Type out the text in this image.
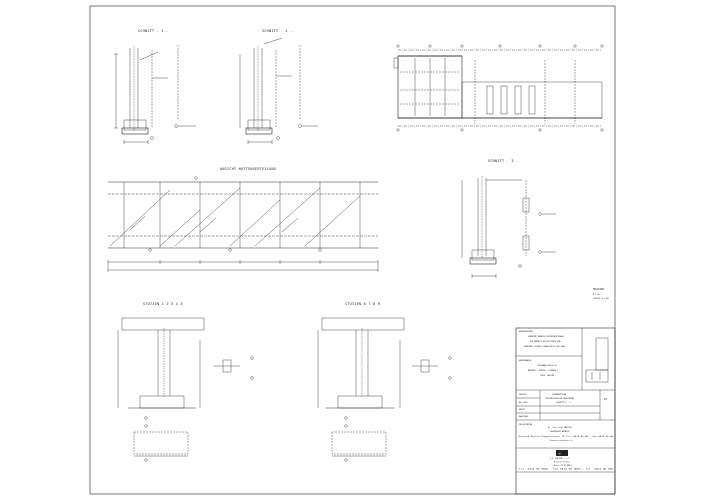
SCHNITT - 1 -	SCHNITT - 2 -
ANSICHT MATTENVERTEILUNG
SCHNITT - 3 -
MASSSTAB:
M 1:50
(DETAIL M 1:20)
STUTZEN 1 2 3 4 5	STUTZEN 6 7 8 9
BAUHERRSCHAFT
GEMEINDE BRUNECK PUSTERTALSTRASSE
DIE BRUNECK HOCHLEISTUNG SPA
GEMEINDE GOLDENE STRASSE ALLE 000 0000
BAUVORHABEN
BETONBAU HALLE 09
BRUNECK - SEKTOR - STRASSE 5
TIROL TIROLER
PROJEKT
NR. 0007
DATUM
MASSSTAB
FUNDAMENTPLAN
BETONTECHNISCHE BERECHNUNG
SCHNITTE 1 - 3
07
PROJEKTANTEN
Dr. Ing. Luigi MARTINI
INGENIEURE BRUNECK
Bruneck Martin Zingerstrasse 12 Tel. 0474 00 00 - Fax 0474 00 00
brunecktecnica@tin.it
GP
G.P. PROJEKT s.r.l.
Bruneck Strasse
Bozen 39 BZ BRD 5
Tel. 0474 00 0000 - Fax 0474 00 0000 - Tel. 0474 00 000
